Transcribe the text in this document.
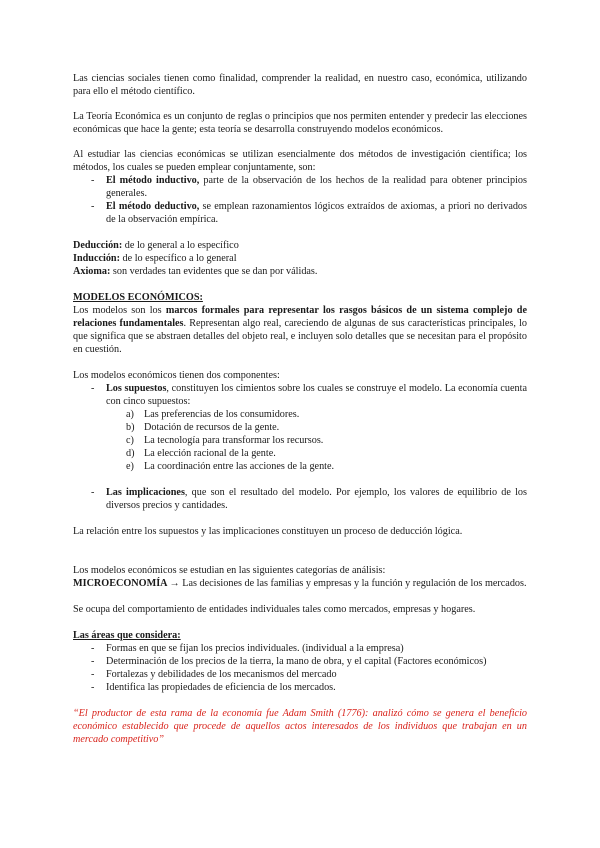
Las ciencias sociales tienen como finalidad, comprender la realidad, en nuestro caso, económica, utilizando para ello el método científico.

La Teoría Económica es un conjunto de reglas o principios que nos permiten entender y predecir las elecciones económicas que hace la gente; esta teoría se desarrolla construyendo modelos económicos.

Al estudiar las ciencias económicas se utilizan esencialmente dos métodos de investigación científica; los métodos, los cuales se pueden emplear conjuntamente, son:

- El método inductivo, parte de la observación de los hechos de la realidad para obtener principios generales.
- El método deductivo, se emplean razonamientos lógicos extraídos de axiomas, a priori no derivados de la observación empírica.

Deducción: de lo general a lo específico

Inducción: de lo específico a lo general

Axioma: son verdades tan evidentes que se dan por válidas.

MODELOS ECONÓMICOS:

Los modelos son los marcos formales para representar los rasgos básicos de un sistema complejo de relaciones fundamentales. Representan algo real, careciendo de algunas de sus características principales, lo que significa que se abstraen detalles del objeto real, e incluyen solo detalles que se necesitan para el propósito en cuestión.

Los modelos económicos tienen dos componentes:

- Los supuestos, constituyen los cimientos sobre los cuales se construye el modelo. La economía cuenta con cinco supuestos:
a) Las preferencias de los consumidores.
b) Dotación de recursos de la gente.
c) La tecnología para transformar los recursos.
d) La elección racional de la gente.
e) La coordinación entre las acciones de la gente.
- Las implicaciones, que son el resultado del modelo. Por ejemplo, los valores de equilibrio de los diversos precios y cantidades.

La relación entre los supuestos y las implicaciones constituyen un proceso de deducción lógica.

Los modelos económicos se estudian en las siguientes categorías de análisis:

MICROECONOMÍA → Las decisiones de las familias y empresas y la función y regulación de los mercados.

Se ocupa del comportamiento de entidades individuales tales como mercados, empresas y hogares.

Las áreas que considera:

- Formas en que se fijan los precios individuales. (individual a la empresa)
- Determinación de los precios de la tierra, la mano de obra, y el capital (Factores económicos)
- Fortalezas y debilidades de los mecanismos del mercado
- Identifica las propiedades de eficiencia de los mercados.

“El productor de esta rama de la economía fue Adam Smith (1776): analizó cómo se genera el beneficio económico establecido que procede de aquellos actos interesados de los individuos que trabajan en un mercado competitivo”
